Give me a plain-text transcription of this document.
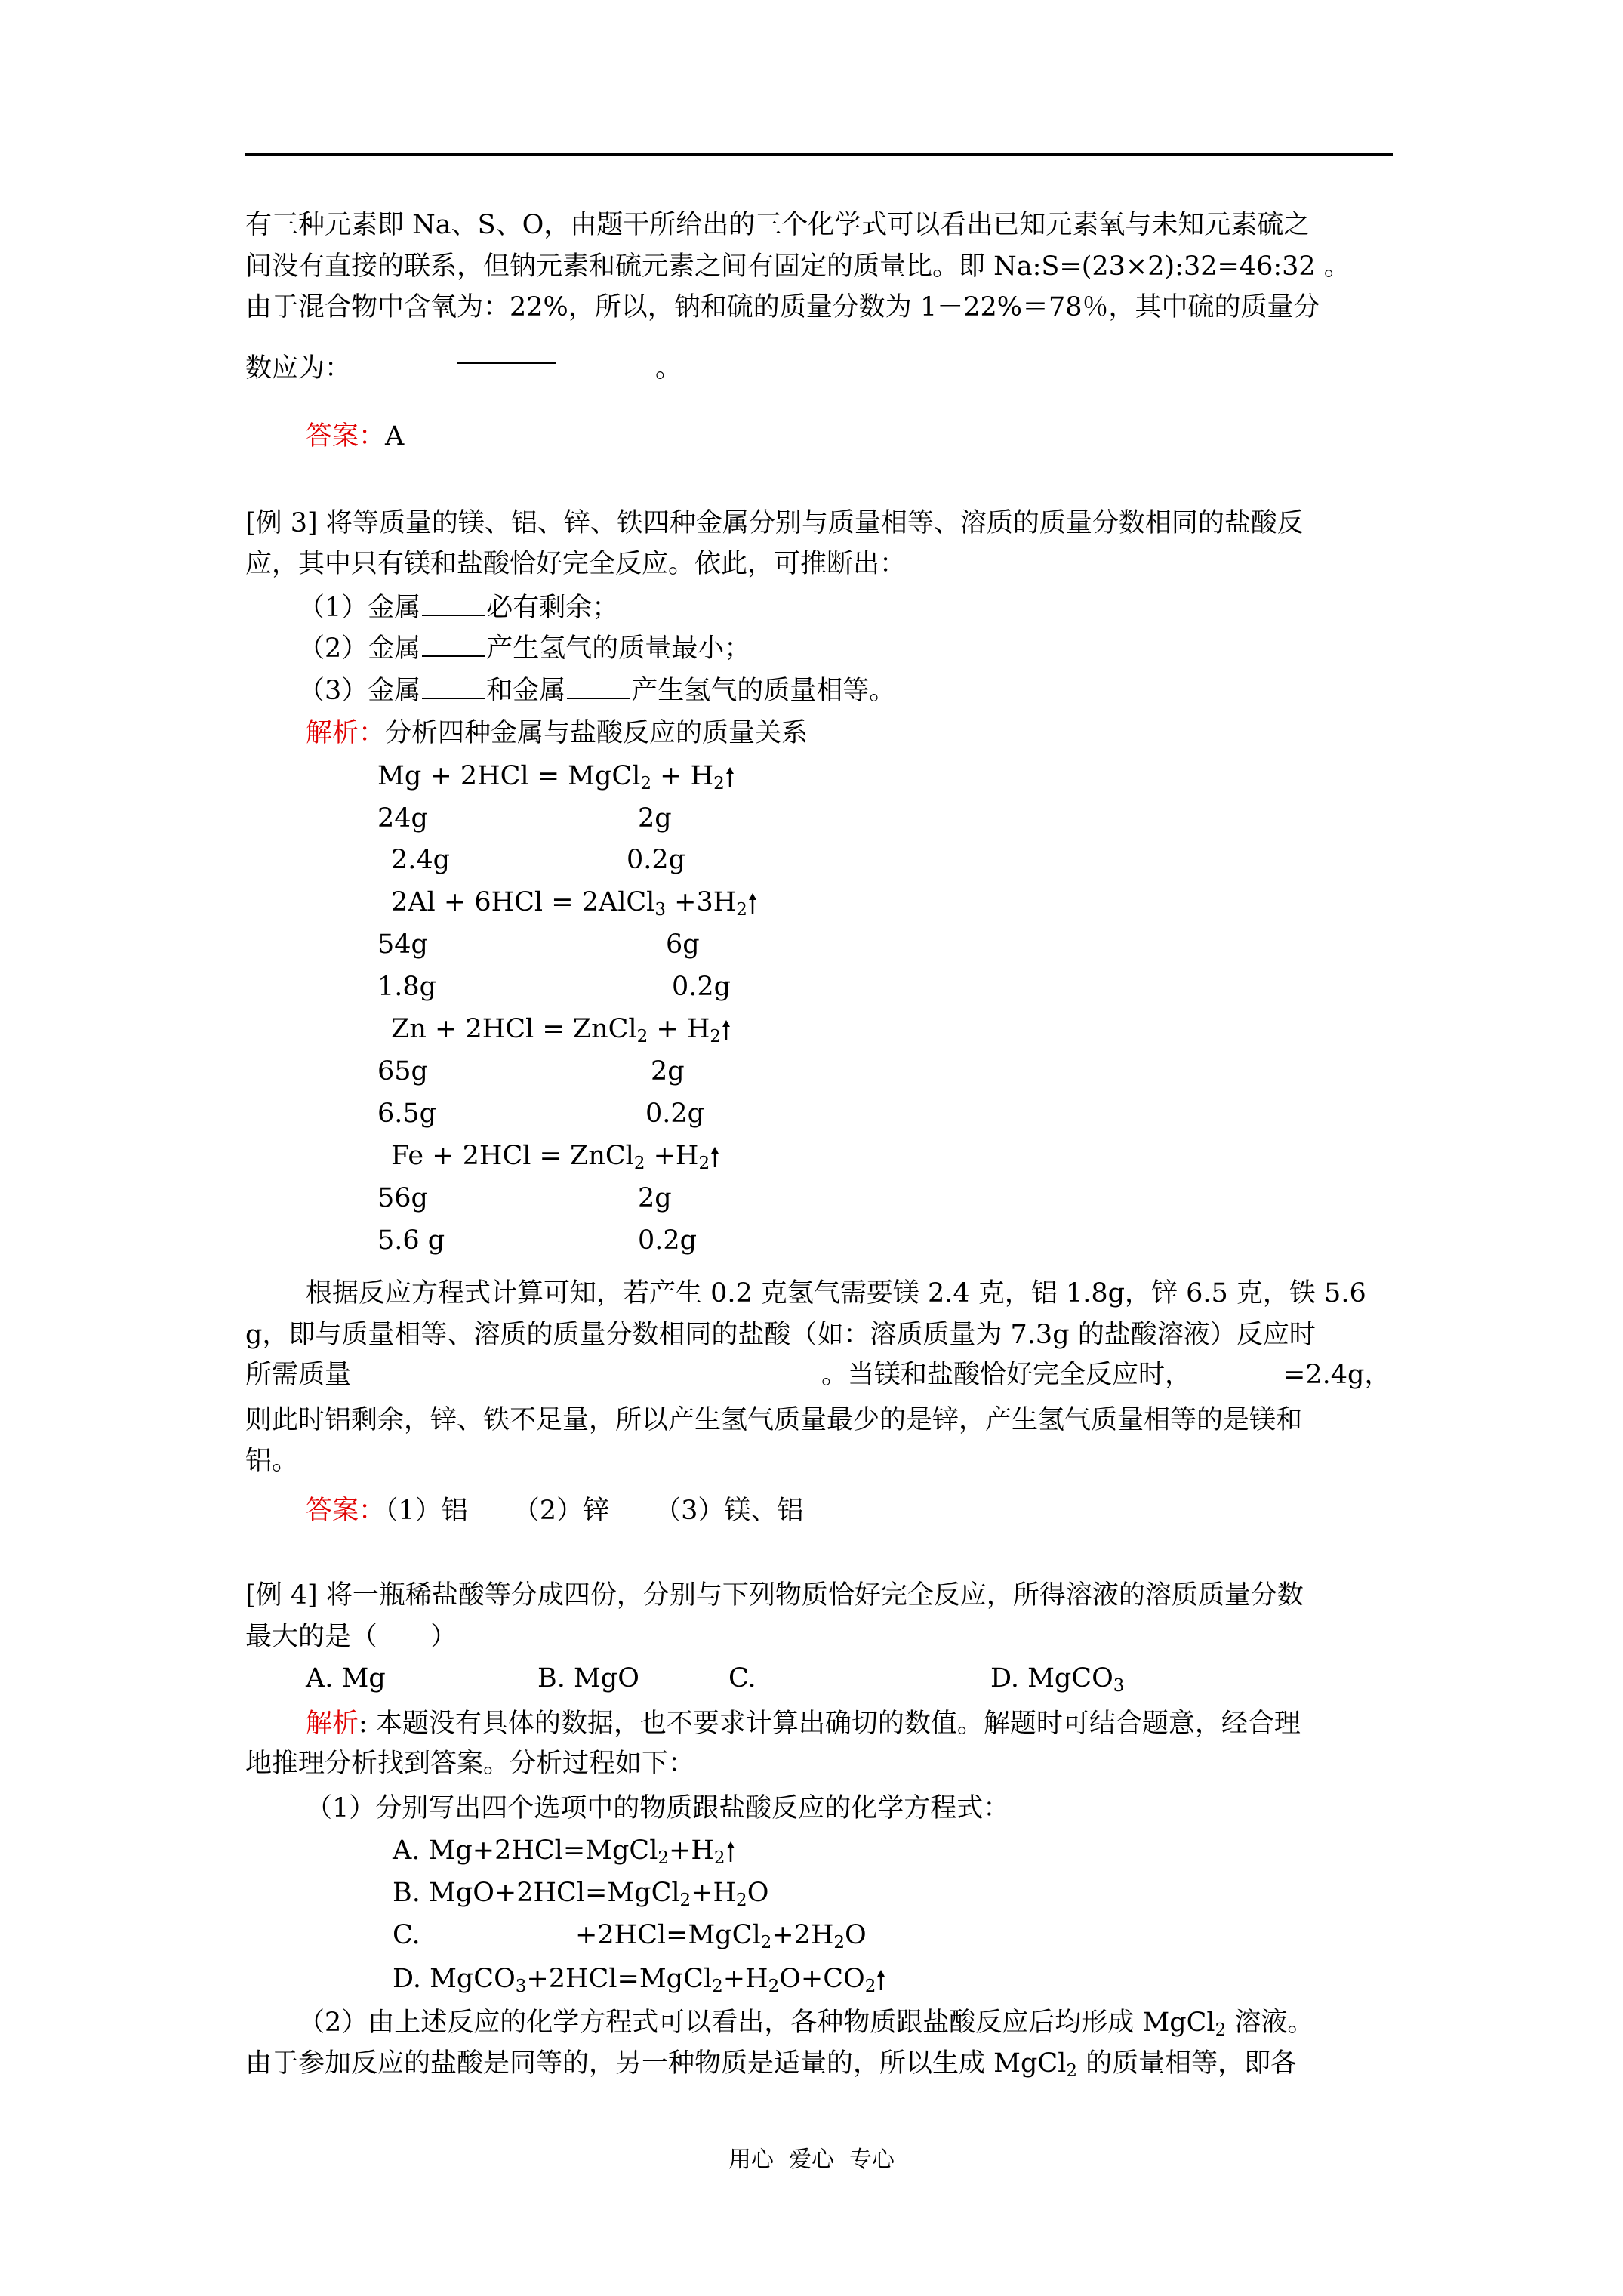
有三种元素即 Na、S、O，由题干所给出的三个化学式可以看出已知元素氧与未知元素硫之
间没有直接的联系，但钠元素和硫元素之间有固定的质量比。即 Na:S=(23×2):32=46:32 。
由于混合物中含氧为：22%，所以，钠和硫的质量分数为 1－22%＝78％，其中硫的质量分
数应为：	。
答案：A
[例 3] 将等质量的镁、铝、锌、铁四种金属分别与质量相等、溶质的质量分数相同的盐酸反
应，其中只有镁和盐酸恰好完全反应。依此，可推断出：
（1）金属 必有剩余；
（2）金属 产生氢气的质量最小；
（3）金属 和金属 产生氢气的质量相等。
解析：分析四种金属与盐酸反应的质量关系
Mg + 2HCl = MgCl$_2$ + $H_2$
24g	2g
2.4g	0.2g
2Al + 6HCl = 2AlCl$_3$ $+3H_2$
54g	6g
1.8g	0.2g
Zn + 2HCl = ZnCl$_2$ + $H_2$
65g	2g
6.5g	0.2g
Fe + 2HCl = ZnCl$_2$ $+H_2$
56g	2g
5.6 g	0.2g
根据反应方程式计算可知，若产生 0.2 克氢气需要镁 2.4 克，铝 1.8g，锌 6.5 克，铁 5.6
g，即与质量相等、溶质的质量分数相同的盐酸（如：溶质质量为 7.3g 的盐酸溶液）反应时
所需质量	。当镁和盐酸恰好完全反应时，	=2.4g，
则此时铝剩余，锌、铁不足量，所以产生氢气质量最少的是锌，产生氢气质量相等的是镁和
铝。
答案：（1）铝 （2）锌 （3）镁、铝
[例 4] 将一瓶稀盐酸等分成四份，分别与下列物质恰好完全反应，所得溶液的溶质质量分数
最大的是（　　）
A. Mg	B. MgO	C.	D. MgCO$_3$
解析: 本题没有具体的数据，也不要求计算出确切的数值。解题时可结合题意，经合理
地推理分析找到答案。分析过程如下：
（1）分别写出四个选项中的物质跟盐酸反应的化学方程式：
A. $Mg+2HCl=MgCl_2+H_2$
B. $MgO+2HCl=MgCl_2+H_2O$
C.	$+2HCl=MgCl_2+2H_2O$
D. $MgCO_3+2HCl=MgCl_2+H_2O+CO_2$
（2）由上述反应的化学方程式可以看出，各种物质跟盐酸反应后均形成 MgCl$_2$ 溶液。
由于参加反应的盐酸是同等的，另一种物质是适量的，所以生成 MgCl$_2$ 的质量相等，即各
用心 爱心 专心
